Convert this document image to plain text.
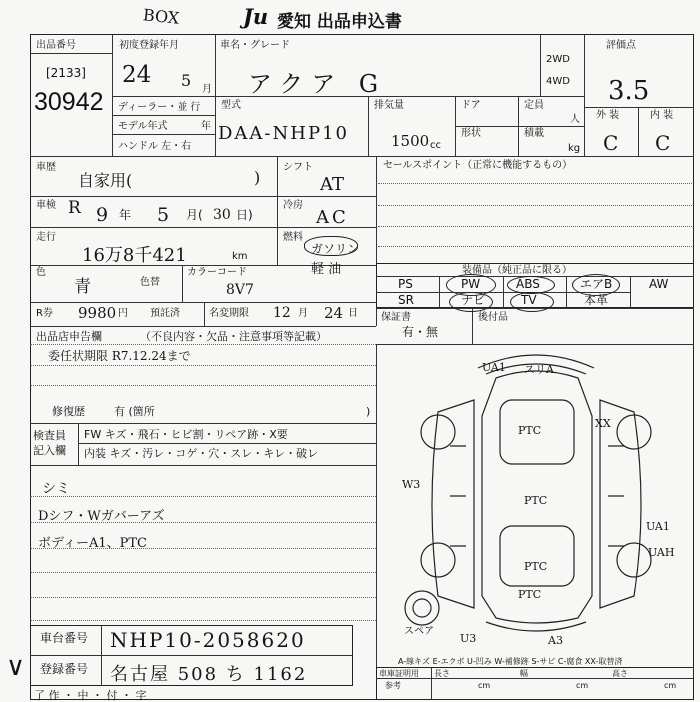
BOX	Ju 愛知 出品申込書
出品番号
[2133]
30942
初度登録年月
24 5 月
車名・グレード
アクア G
2WD
4WD
評価点
3.5
外 装	内 装
C C
ディーラー・並 行
モデル年式	年
ハンドル 左・右
型式
DAA-NHP10
排気量
1500 cc
ドア
形状
定員
人
積載
kg
車歴
自家用(	)
シフト
AT
車検 R 9 年 5 月( 30 日)
冷房
AC
走行
16万8千421	km
燃料
ガソリン
軽 油
色
青	色替
カラーコード
8V7
R券 9980 円 預託済	名変期限 12 月 24 日
セールスポイント（正常に機能するもの）
装備品（純正品に限る）
PS	PW	ABS	エアB	AW
SR	ナビ	TV	本革
保証書
有・無
後付品
出品店申告欄	（不良内容・欠品・注意事項等記載）
委任状期限 R7.12.24まで
修復歴	有 (箇所	)
検査員
記入欄
FW キズ・飛石・ヒビ割・リペア跡・X要
内装 キズ・汚レ・コゲ・穴・スレ・キレ・破レ
シミ
Dシフ・Wガバーアズ
ボディーA1、PTC
車台番号 NHP10-2058620
登録番号 名古屋 508 ち 1162
了 作 ・ 中 ・ 付 ・ 字
∨
UA1 スリA
XX
PTC
PTC
PTC
PTC
W3
UA1
UAH
スペア
U3	A3
A-線キズ E-エクボ U-凹み W-補修跡 S-サビ C-腐食 XX-取替済
車庫証明用
参考
長さ
cm
幅
cm
高さ
cm
